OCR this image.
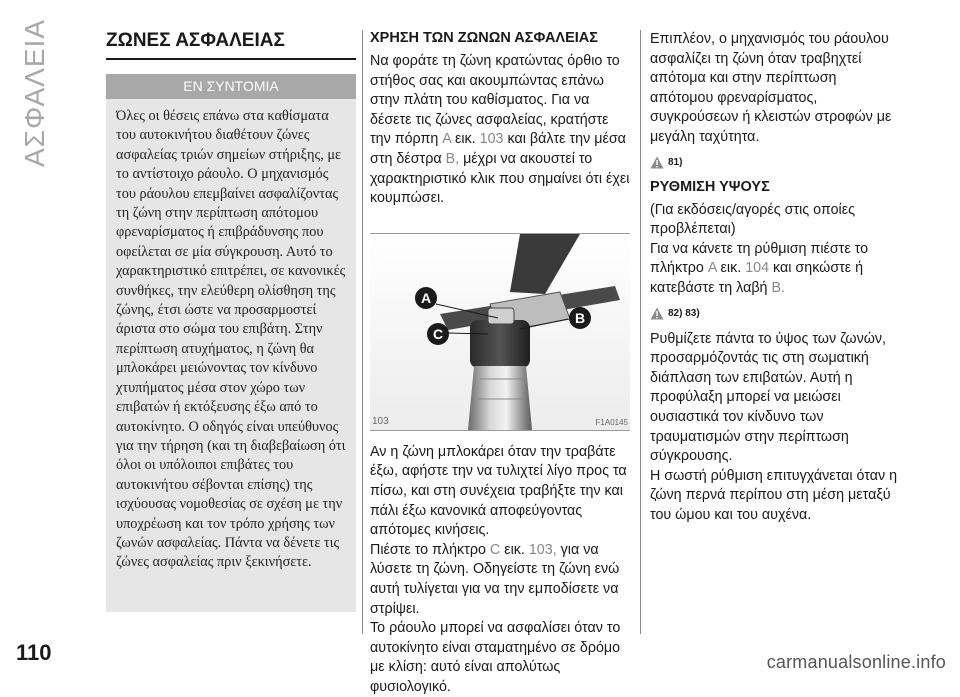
ΑΣΦΑΛΕΙΑ
110
ΖΩΝΕΣ ΑΣΦΑΛΕΙΑΣ
ΕΝ ΣΥΝΤΟΜΙΑ
Όλες οι θέσεις επάνω στα καθίσματα του αυτοκινήτου διαθέτουν ζώνες ασφαλείας τριών σημείων στήριξης, με το αντίστοιχο ράουλο. Ο μηχανισμός του ράουλου επεμβαίνει ασφαλίζοντας τη ζώνη στην περίπτωση απότομου φρεναρίσματος ή επιβράδυνσης που οφείλεται σε μία σύγκρουση. Αυτό το χαρακτηριστικό επιτρέπει, σε κανονικές συνθήκες, την ελεύθερη ολίσθηση της ζώνης, έτσι ώστε να προσαρμοστεί άριστα στο σώμα του επιβάτη. Στην περίπτωση ατυχήματος, η ζώνη θα μπλοκάρει μειώνοντας τον κίνδυνο χτυπήματος μέσα στον χώρο των επιβατών ή εκτόξευσης έξω από το αυτοκίνητο. Ο οδηγός είναι υπεύθυνος για την τήρηση (και τη διαβεβαίωση ότι όλοι οι υπόλοιποι επιβάτες του αυτοκινήτου σέβονται επίσης) της ισχύουσας νομοθεσίας σε σχέση με την υποχρέωση και τον τρόπο χρήσης των ζωνών ασφαλείας. Πάντα να δένετε τις ζώνες ασφαλείας πριν ξεκινήσετε.
ΧΡΗΣΗ ΤΩΝ ΖΩΝΩΝ ΑΣΦΑΛΕΙΑΣ

Να φοράτε τη ζώνη κρατώντας όρθιο το στήθος σας και ακουμπώντας επάνω στην πλάτη του καθίσματος. Για να δέσετε τις ζώνες ασφαλείας, κρατήστε την πόρπη A εικ. 103 και βάλτε την μέσα στη δέστρα B, μέχρι να ακουστεί το χαρακτηριστικό κλικ που σημαίνει ότι έχει κουμπώσει.

A
C
B
103	F1A0145

Αν η ζώνη μπλοκάρει όταν την τραβάτε έξω, αφήστε την να τυλιχτεί λίγο προς τα πίσω, και στη συνέχεια τραβήξτε την και πάλι έξω κανονικά αποφεύγοντας απότομες κινήσεις.

Πιέστε το πλήκτρο C εικ. 103, για να λύσετε τη ζώνη. Οδηγείστε τη ζώνη ενώ αυτή τυλίγεται για να την εμποδίσετε να στρίψει.

Το ράουλο μπορεί να ασφαλίσει όταν το αυτοκίνητο είναι σταματημένο σε δρόμο με κλίση: αυτό είναι απολύτως φυσιολογικό.

Επιπλέον, ο μηχανισμός του ράουλου ασφαλίζει τη ζώνη όταν τραβηχτεί απότομα και στην περίπτωση απότομου φρεναρίσματος, συγκρούσεων ή κλειστών στροφών με μεγάλη ταχύτητα.

81)
ΡΥΘΜΙΣΗ ΥΨΟΥΣ

(Για εκδόσεις/αγορές στις οποίες προβλέπεται)

Για να κάνετε τη ρύθμιση πιέστε το πλήκτρο A εικ. 104 και σηκώστε ή κατεβάστε τη λαβή B.

82) 83)

Ρυθμίζετε πάντα το ύψος των ζωνών, προσαρμόζοντάς τις στη σωματική διάπλαση των επιβατών. Αυτή η προφύλαξη μπορεί να μειώσει ουσιαστικά τον κίνδυνο των τραυματισμών στην περίπτωση σύγκρουσης.

Η σωστή ρύθμιση επιτυγχάνεται όταν η ζώνη περνά περίπου στη μέση μεταξύ του ώμου και του αυχένα.

carmanualsonline.info
